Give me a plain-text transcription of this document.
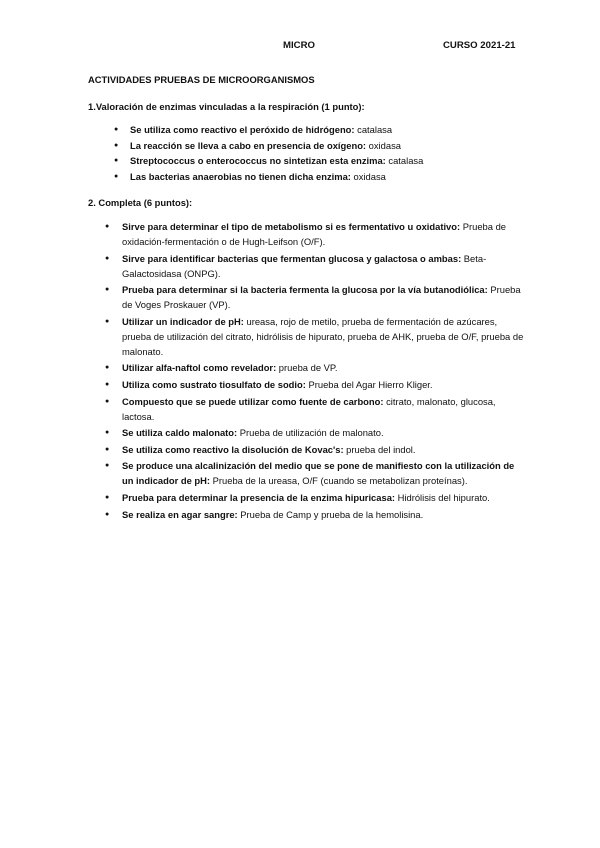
MICRO	CURSO 2021-21
ACTIVIDADES PRUEBAS DE MICROORGANISMOS
1.Valoración de enzimas vinculadas a la respiración (1 punto):
● Se utiliza como reactivo el peróxido de hidrógeno: catalasa
● La reacción se lleva a cabo en presencia de oxígeno: oxidasa
● Streptococcus o enterococcus no sintetizan esta enzima: catalasa
● Las bacterias anaerobias no tienen dicha enzima: oxidasa
2. Completa (6 puntos):
● Sirve para determinar el tipo de metabolismo si es fermentativo u oxidativo: Prueba de oxidación-fermentación o de Hugh-Leifson (O/F).
● Sirve para identificar bacterias que fermentan glucosa y galactosa o ambas: Beta-Galactosidasa (ONPG).
● Prueba para determinar si la bacteria fermenta la glucosa por la vía butanodiólica: Prueba de Voges Proskauer (VP).
● Utilizar un indicador de pH: ureasa, rojo de metilo, prueba de fermentación de azúcares, prueba de utilización del citrato, hidrólisis de hipurato, prueba de AHK, prueba de O/F, prueba de malonato.
● Utilizar alfa-naftol como revelador: prueba de VP.
● Utiliza como sustrato tiosulfato de sodio: Prueba del Agar Hierro Kliger.
● Compuesto que se puede utilizar como fuente de carbono: citrato, malonato, glucosa, lactosa.
● Se utiliza caldo malonato: Prueba de utilización de malonato.
● Se utiliza como reactivo la disolución de Kovac's: prueba del indol.
● Se produce una alcalinización del medio que se pone de manifiesto con la utilización de un indicador de pH: Prueba de la ureasa, O/F (cuando se metabolizan proteínas).
● Prueba para determinar la presencia de la enzima hipuricasa: Hidrólisis del hipurato.
● Se realiza en agar sangre: Prueba de Camp y prueba de la hemolisina.
